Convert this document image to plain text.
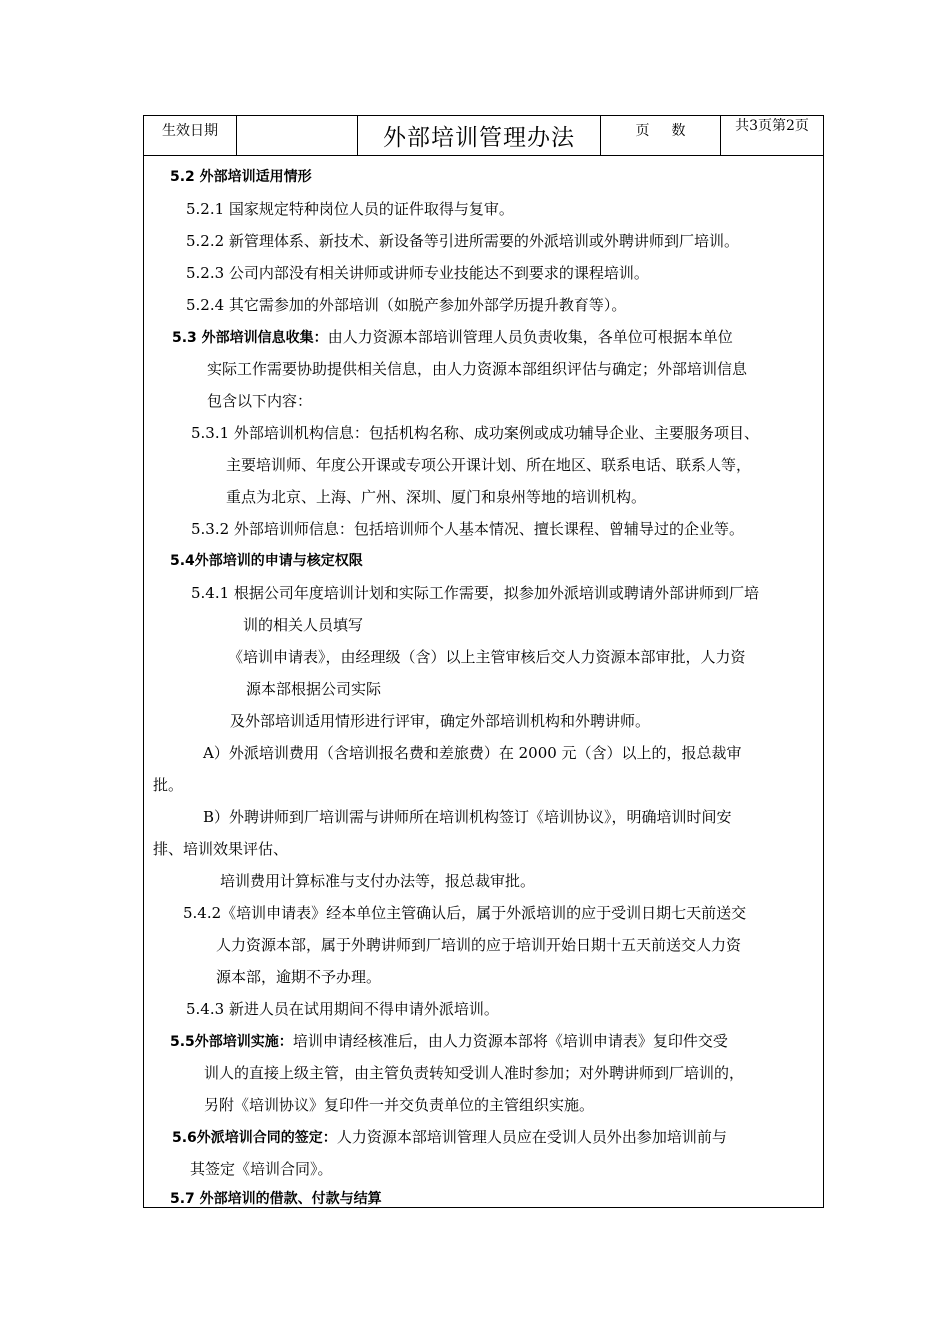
生效日期	外部培训管理办法	页数	共3页第2页
5.2 外部培训适用情形
5.2.1 国家规定特种岗位人员的证件取得与复审。
5.2.2 新管理体系、新技术、新设备等引进所需要的外派培训或外聘讲师到厂培训。
5.2.3 公司内部没有相关讲师或讲师专业技能达不到要求的课程培训。
5.2.4 其它需参加的外部培训（如脱产参加外部学历提升教育等）。
5.3 外部培训信息收集：由人力资源本部培训管理人员负责收集，各单位可根据本单位
实际工作需要协助提供相关信息，由人力资源本部组织评估与确定；外部培训信息
包含以下内容：
5.3.1 外部培训机构信息：包括机构名称、成功案例或成功辅导企业、主要服务项目、
主要培训师、年度公开课或专项公开课计划、所在地区、联系电话、联系人等，
重点为北京、上海、广州、深圳、厦门和泉州等地的培训机构。
5.3.2 外部培训师信息：包括培训师个人基本情况、擅长课程、曾辅导过的企业等。
5.4外部培训的申请与核定权限
5.4.1 根据公司年度培训计划和实际工作需要，拟参加外派培训或聘请外部讲师到厂培
训的相关人员填写
《培训申请表》，由经理级（含）以上主管审核后交人力资源本部审批，人力资
源本部根据公司实际
及外部培训适用情形进行评审，确定外部培训机构和外聘讲师。
A）外派培训费用（含培训报名费和差旅费）在 2000 元（含）以上的，报总裁审
批。
B）外聘讲师到厂培训需与讲师所在培训机构签订《培训协议》，明确培训时间安
排、培训效果评估、
培训费用计算标准与支付办法等，报总裁审批。
5.4.2《培训申请表》经本单位主管确认后，属于外派培训的应于受训日期七天前送交
人力资源本部，属于外聘讲师到厂培训的应于培训开始日期十五天前送交人力资
源本部，逾期不予办理。
5.4.3 新进人员在试用期间不得申请外派培训。
5.5外部培训实施：培训申请经核准后，由人力资源本部将《培训申请表》复印件交受
训人的直接上级主管，由主管负责转知受训人准时参加；对外聘讲师到厂培训的，
另附《培训协议》复印件一并交负责单位的主管组织实施。
5.6外派培训合同的签定：人力资源本部培训管理人员应在受训人员外出参加培训前与
其签定《培训合同》。
5.7 外部培训的借款、付款与结算
